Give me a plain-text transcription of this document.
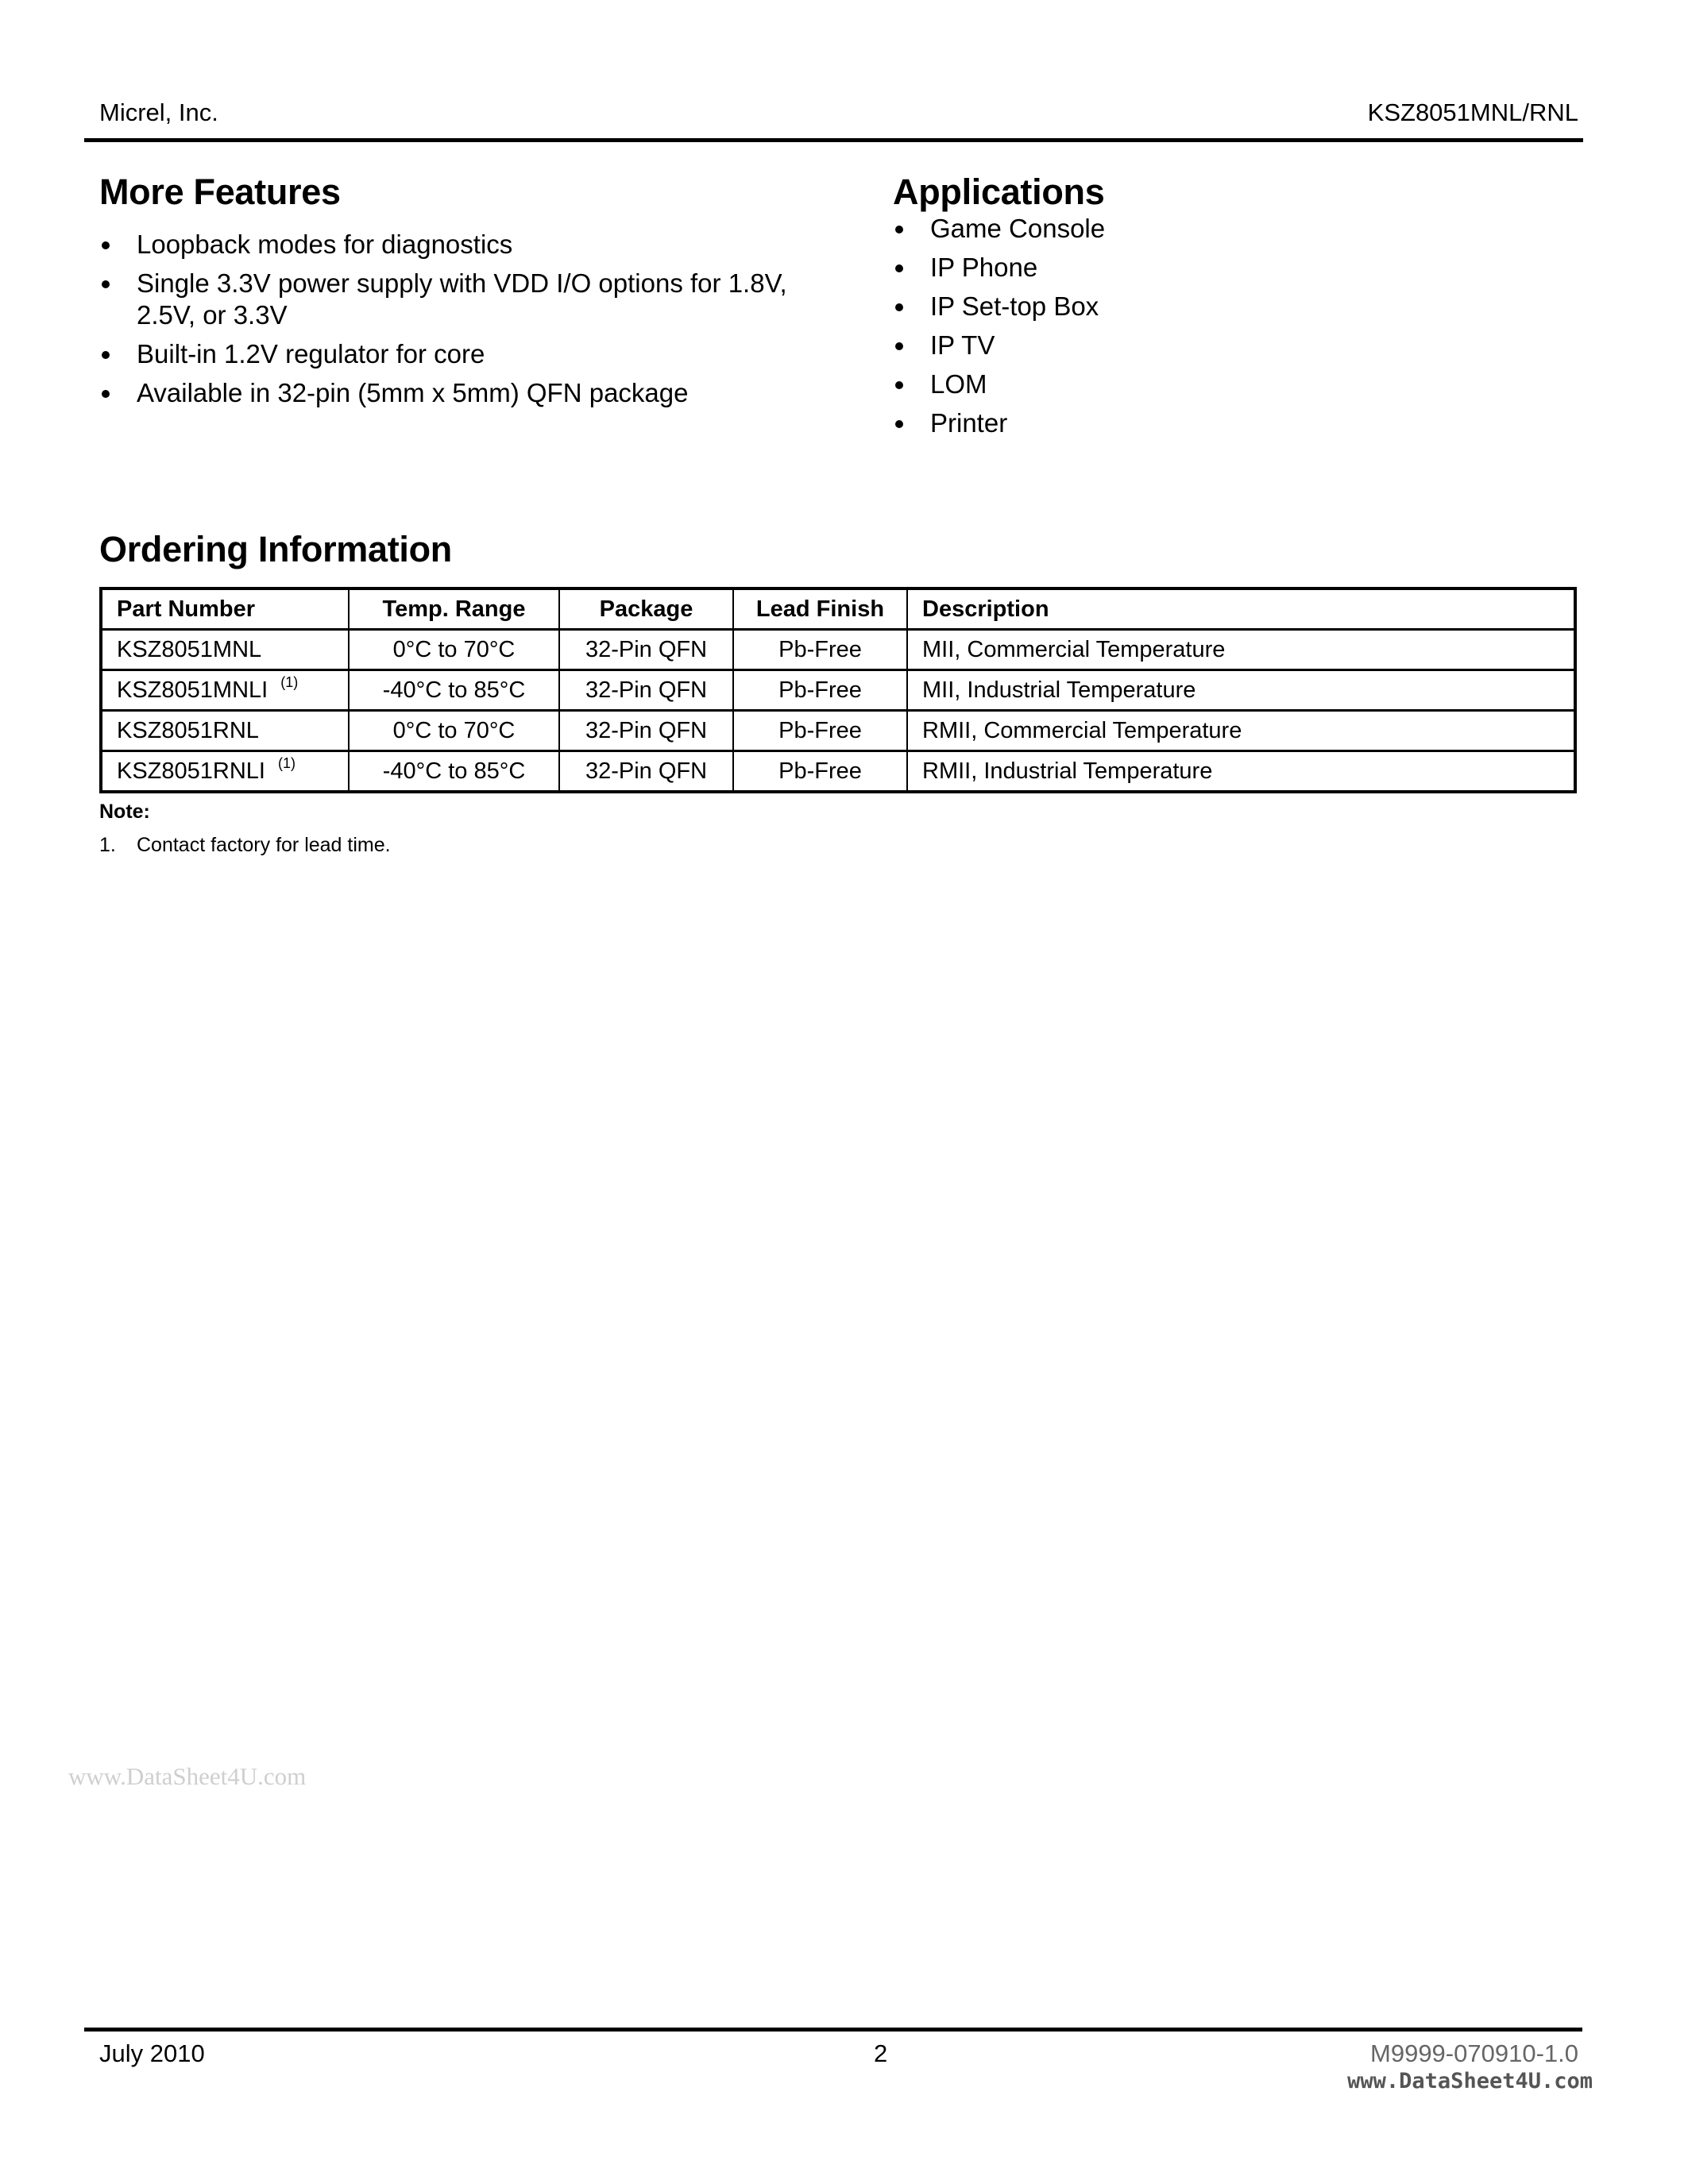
Micrel, Inc.	KSZ8051MNL/RNL
More Features
Loopback modes for diagnostics
Single 3.3V power supply with VDD I/O options for 1.8V, 2.5V, or 3.3V
Built-in 1.2V regulator for core
Available in 32-pin (5mm x 5mm) QFN package
Applications
Game Console
IP Phone
IP Set-top Box
IP TV
LOM
Printer
Ordering Information
Part Number	Temp. Range	Package	Lead Finish	Description
KSZ8051MNL	0°C to 70°C	32-Pin QFN	Pb-Free	MII, Commercial Temperature
KSZ8051MNLI $^{(1)}$	-40°C to 85°C	32-Pin QFN	Pb-Free	MII, Industrial Temperature
KSZ8051RNL	0°C to 70°C	32-Pin QFN	Pb-Free	RMII, Commercial Temperature
KSZ8051RNLI $^{(1)}$	-40°C to 85°C	32-Pin QFN	Pb-Free	RMII, Industrial Temperature
Note:
1. Contact factory for lead time.
www.DataSheet4U.com
July 2010	2	M9999-070910-1.0
www.DataSheet4U.com
